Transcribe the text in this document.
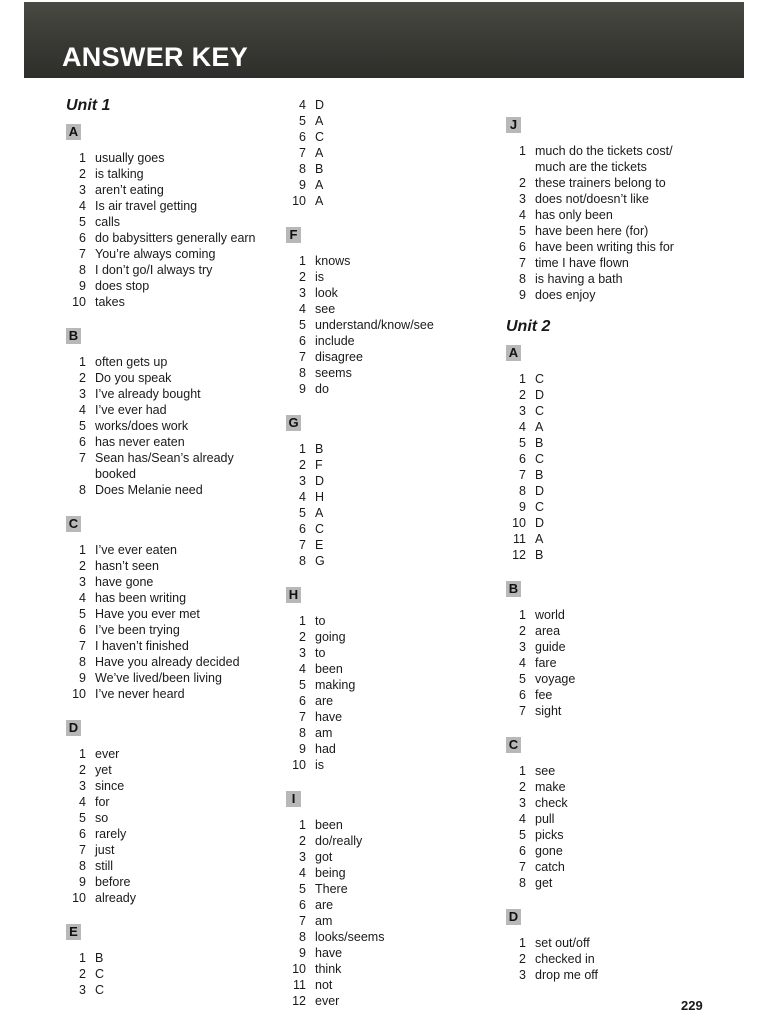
ANSWER KEY
Unit 1
A
1 usually goes
2 is talking
3 aren’t eating
4 Is air travel getting
5 calls
6 do babysitters generally earn
7 You’re always coming
8 I don’t go/I always try
9 does stop
10 takes
B
1 often gets up
2 Do you speak
3 I’ve already bought
4 I’ve ever had
5 works/does work
6 has never eaten
7 Sean has/Sean’s already booked
8 Does Melanie need
C
1 I’ve ever eaten
2 hasn’t seen
3 have gone
4 has been writing
5 Have you ever met
6 I’ve been trying
7 I haven’t finished
8 Have you already decided
9 We’ve lived/been living
10 I’ve never heard
D
1 ever
2 yet
3 since
4 for
5 so
6 rarely
7 just
8 still
9 before
10 already
E
1 B
2 C
3 C
4 D
5 A
6 C
7 A
8 B
9 A
10 A
F
1 knows
2 is
3 look
4 see
5 understand/know/see
6 include
7 disagree
8 seems
9 do
G
1 B
2 F
3 D
4 H
5 A
6 C
7 E
8 G
H
1 to
2 going
3 to
4 been
5 making
6 are
7 have
8 am
9 had
10 is
I
1 been
2 do/really
3 got
4 being
5 There
6 are
7 am
8 looks/seems
9 have
10 think
11 not
12 ever
J
1 much do the tickets cost/ much are the tickets
2 these trainers belong to
3 does not/doesn’t like
4 has only been
5 have been here (for)
6 have been writing this for
7 time I have flown
8 is having a bath
9 does enjoy
Unit 2
A
1 C
2 D
3 C
4 A
5 B
6 C
7 B
8 D
9 C
10 D
11 A
12 B
B
1 world
2 area
3 guide
4 fare
5 voyage
6 fee
7 sight
C
1 see
2 make
3 check
4 pull
5 picks
6 gone
7 catch
8 get
D
1 set out/off
2 checked in
3 drop me off
229
